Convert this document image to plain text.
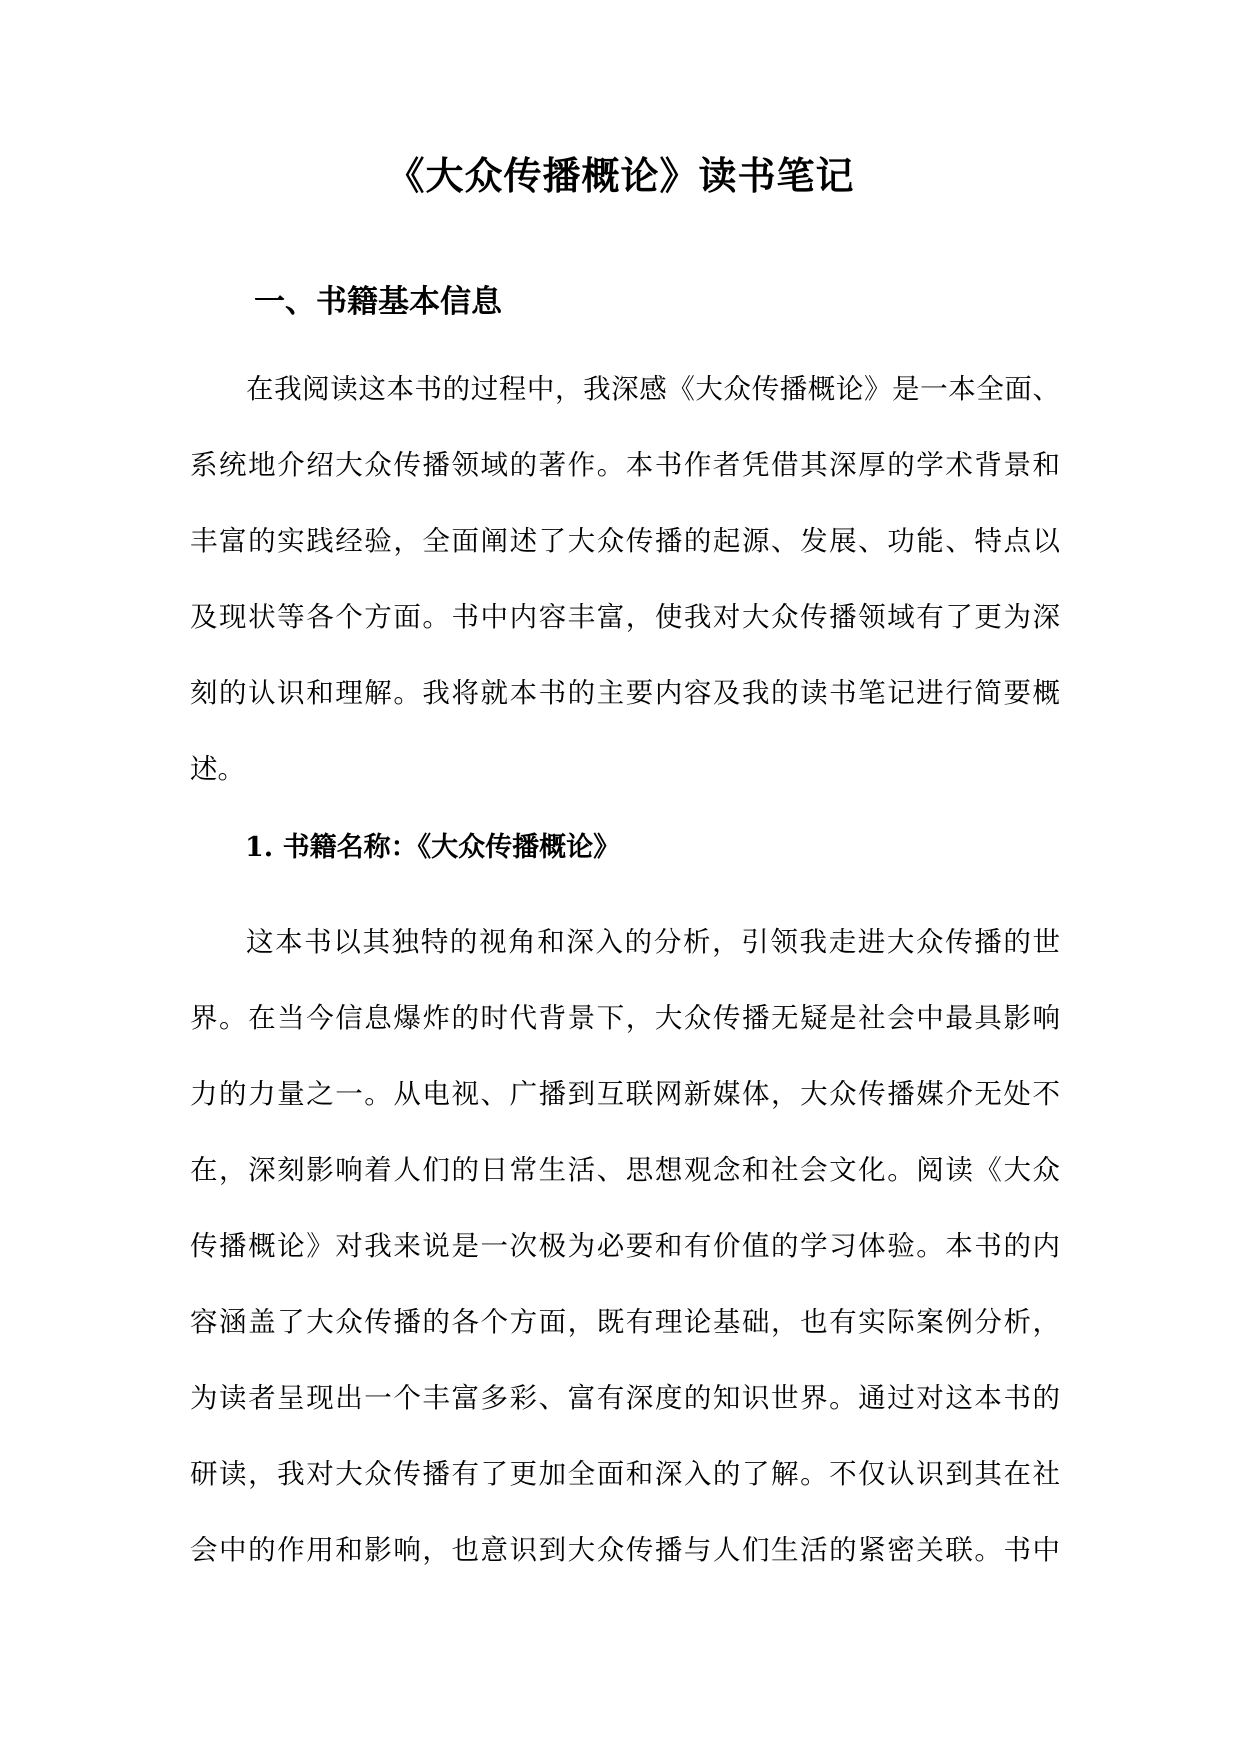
《大众传播概论》读书笔记
一、书籍基本信息
在我阅读这本书的过程中，我深感《大众传播概论》是一本全面、
系统地介绍大众传播领域的著作。本书作者凭借其深厚的学术背景和
丰富的实践经验，全面阐述了大众传播的起源、发展、功能、特点以
及现状等各个方面。书中内容丰富，使我对大众传播领域有了更为深
刻的认识和理解。我将就本书的主要内容及我的读书笔记进行简要概
述。
1. 书籍名称：《大众传播概论》
这本书以其独特的视角和深入的分析，引领我走进大众传播的世
界。在当今信息爆炸的时代背景下，大众传播无疑是社会中最具影响
力的力量之一。从电视、广播到互联网新媒体，大众传播媒介无处不
在，深刻影响着人们的日常生活、思想观念和社会文化。阅读《大众
传播概论》对我来说是一次极为必要和有价值的学习体验。本书的内
容涵盖了大众传播的各个方面，既有理论基础，也有实际案例分析，
为读者呈现出一个丰富多彩、富有深度的知识世界。通过对这本书的
研读，我对大众传播有了更加全面和深入的了解。不仅认识到其在社
会中的作用和影响，也意识到大众传播与人们生活的紧密关联。书中
